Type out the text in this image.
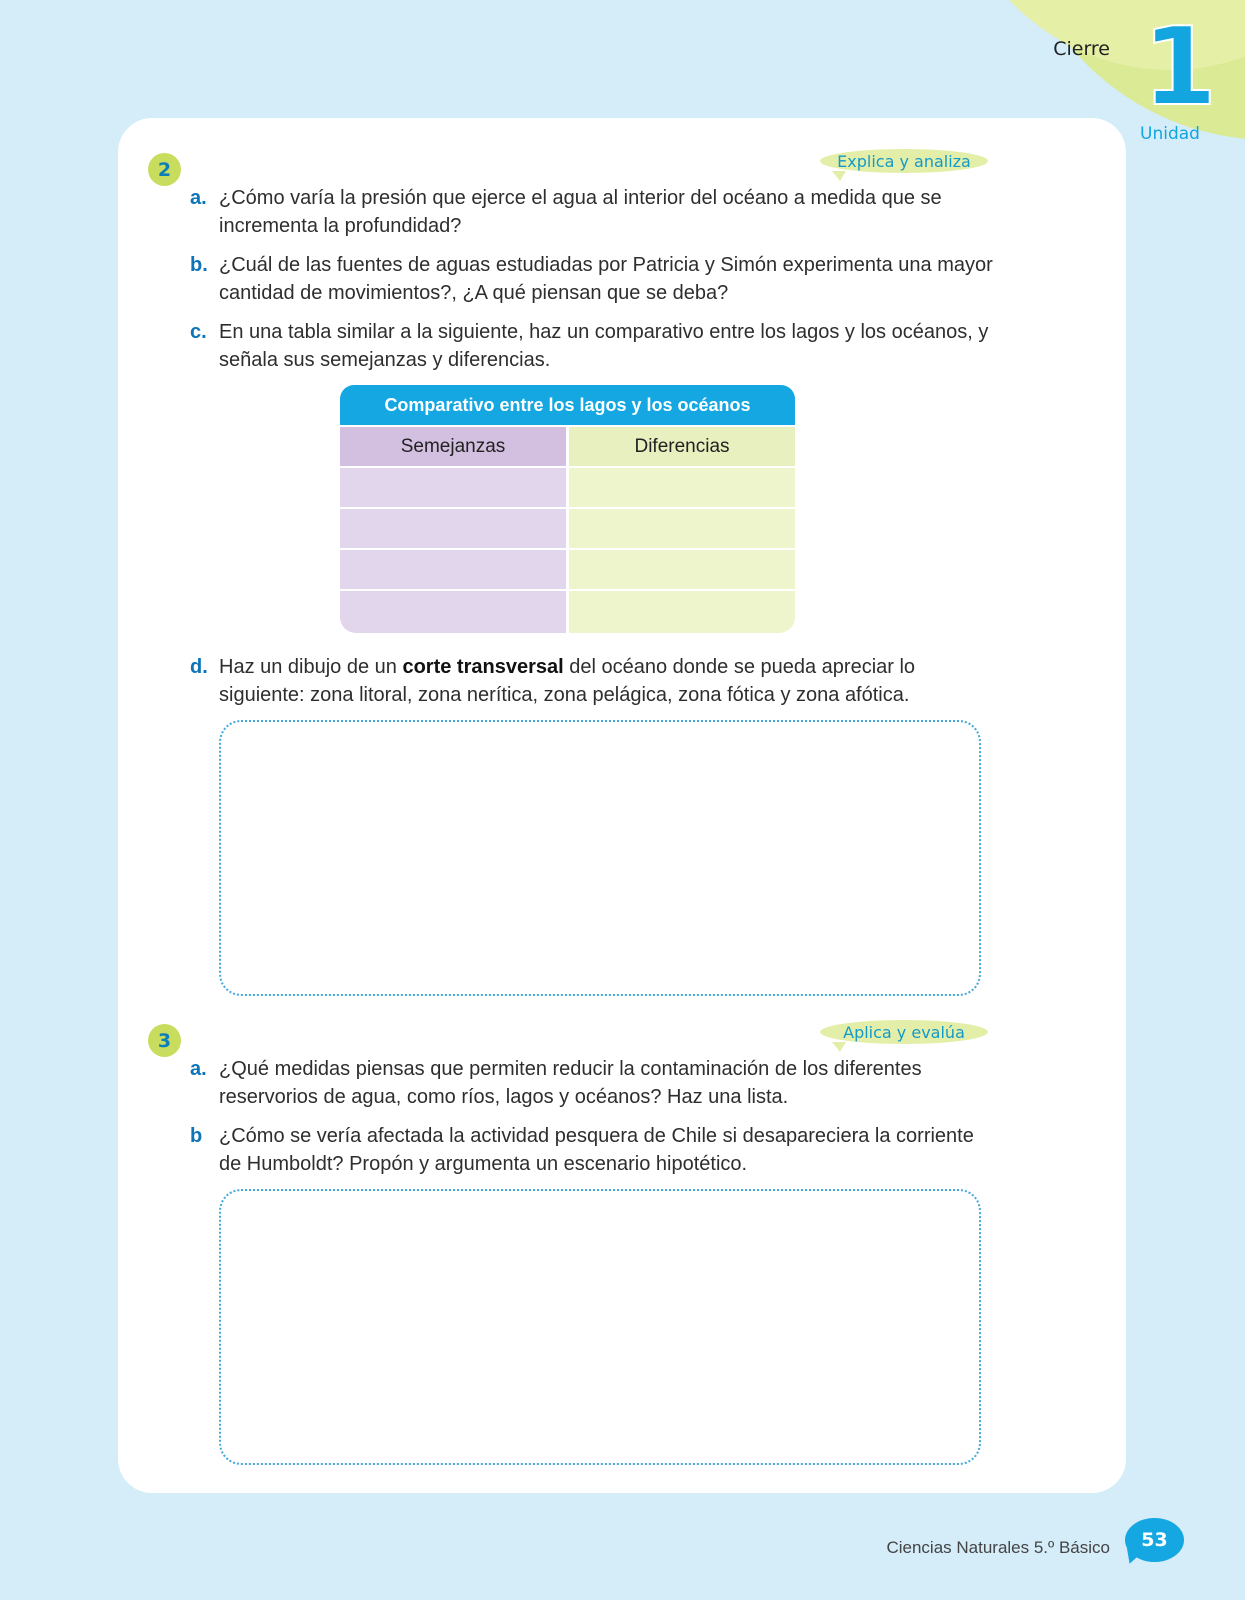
Cierre 1
Unidad
2	Explica y analiza
a. ¿Cómo varía la presión que ejerce el agua al interior del océano a medida que se incrementa la profundidad?
b. ¿Cuál de las fuentes de aguas estudiadas por Patricia y Simón experimenta una mayor cantidad de movimientos?, ¿A qué piensan que se deba?
c. En una tabla similar a la siguiente, haz un comparativo entre los lagos y los océanos, y señala sus semejanzas y diferencias.
Comparativo entre los lagos y los océanos
Semejanzas	Diferencias
d. Haz un dibujo de un corte transversal del océano donde se pueda apreciar lo siguiente: zona litoral, zona nerítica, zona pelágica, zona fótica y zona afótica.
3	Aplica y evalúa
a. ¿Qué medidas piensas que permiten reducir la contaminación de los diferentes reservorios de agua, como ríos, lagos y océanos? Haz una lista.
b ¿Cómo se vería afectada la actividad pesquera de Chile si desapareciera la corriente de Humboldt? Propón y argumenta un escenario hipotético.
Ciencias Naturales 5.º Básico	53
